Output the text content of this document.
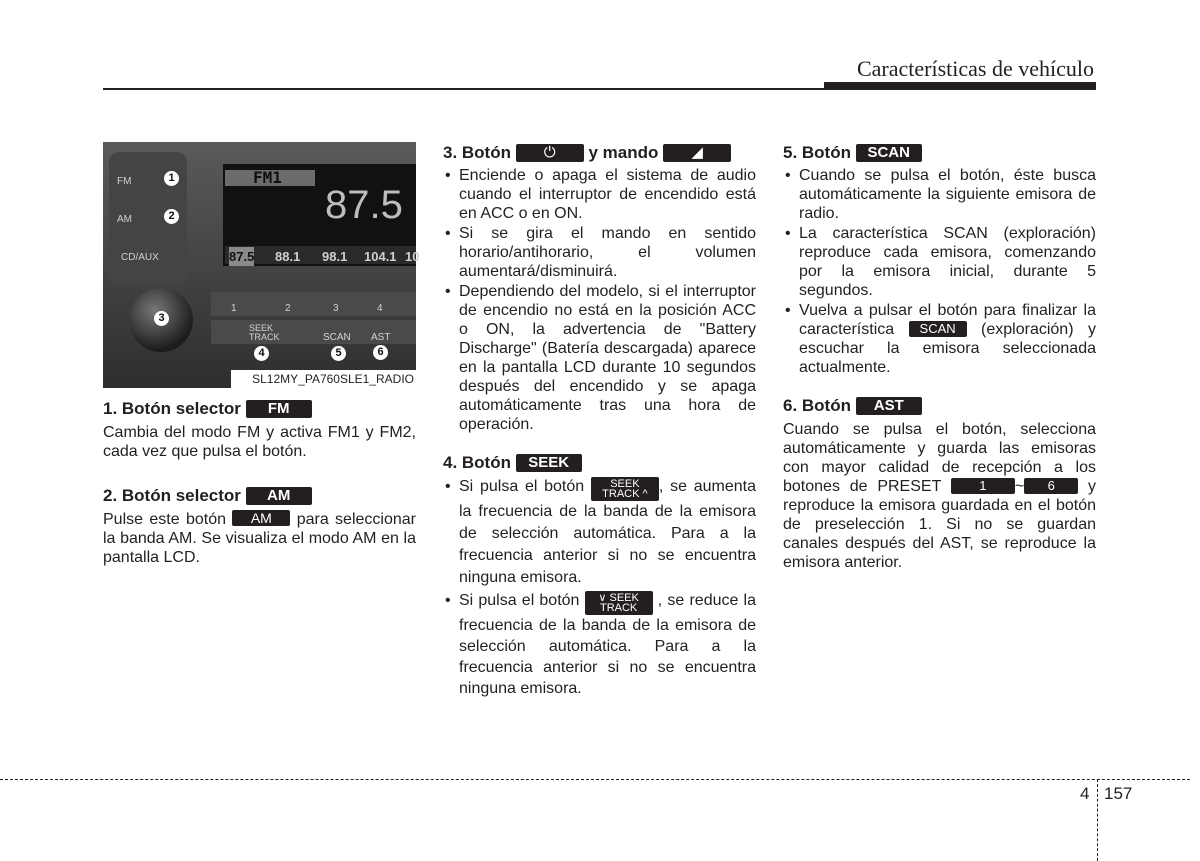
Características de vehículo
FM
AM
CD/AUX
FM1
87.5
87.5 88.1 98.1 104.1 10
1	2	3	4
SEEK
TRACK	SCAN AST
1
2
3
4	5	6
SL12MY_PA760SLE1_RADIO
1. Botón selector FM
Cambia del modo FM y activa FM1 y FM2, cada vez que pulsa el botón.
2. Botón selector AM
Pulse este botón AM para seleccionar la banda AM. Se visualiza el modo AM en la pantalla LCD.
3. Botón ⏻ y mando ◢
• Enciende o apaga el sistema de audio cuando el interruptor de encendido está en ACC o en ON.
• Si se gira el mando en sentido horario/antihorario, el volumen aumentará/disminuirá.
• Dependiendo del modelo, si el interruptor de encendio no está en la posición ACC o ON, la advertencia de "Battery Discharge" (Batería descargada) aparece en la pantalla LCD durante 10 segundos después del encendido y se apaga automáticamente tras una hora de operación.
4. Botón SEEK
• Si pulsa el botón SEEK TRACK ^ , se aumenta la frecuencia de la banda de la emisora de selección automática. Para a la frecuencia anterior si no se encuentra ninguna emisora.
• Si pulsa el botón ∨ SEEK TRACK , se reduce la frecuencia de la banda de la emisora de selección automática. Para a la frecuencia anterior si no se encuentra ninguna emisora.
5. Botón SCAN
• Cuando se pulsa el botón, éste busca automáticamente la siguiente emisora de radio.
• La característica SCAN (exploración) reproduce cada emisora, comenzando por la emisora inicial, durante 5 segundos.
• Vuelva a pulsar el botón para finalizar la característica SCAN (exploración) y escuchar la emisora seleccionada actualmente.
6. Botón AST
Cuando se pulsa el botón, selecciona automáticamente y guarda las emisoras con mayor calidad de recepción a los botones de PRESET	1 ~ 6 y reproduce la emisora guardada en el botón de preselección 1. Si no se guardan canales después del AST, se reproduce la emisora anterior.
4 157
